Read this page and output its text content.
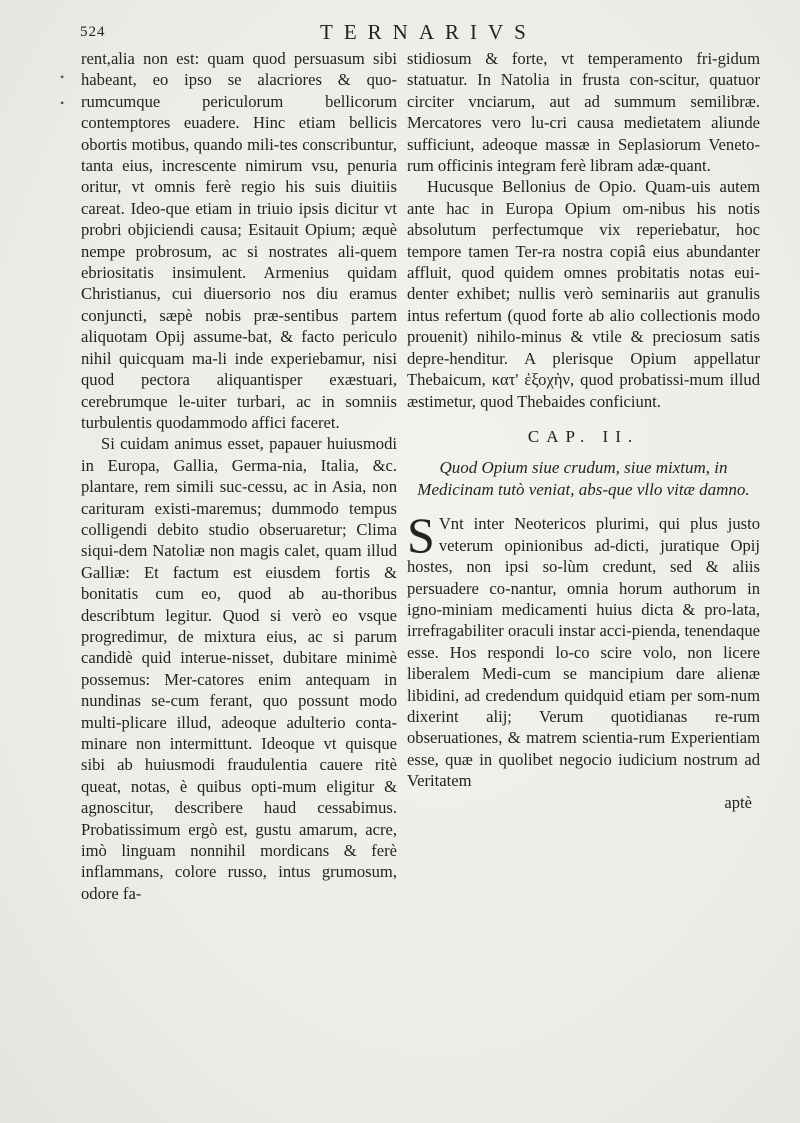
524	TERNARIVS
•
•

rent,alia non est: quam quod persuasum sibi habeant, eo ipso se alacriores & quo-rumcumque periculorum bellicorum contemptores euadere. Hinc etiam bellicis obortis motibus, quando mili-tes conscribuntur, tanta eius, increscente nimirum vsu, penuria oritur, vt omnis ferè regio his suis diuitiis careat. Ideo-que etiam in triuio ipsis dicitur vt probri objiciendi causa; Esitauit Opium; æquè nempe probrosum, ac si nostrates ali-quem ebriositatis insimulent. Armenius quidam Christianus, cui diuersorio nos diu eramus conjuncti, sæpè nobis præ-sentibus partem aliquotam Opij assume-bat, & facto periculo nihil quicquam ma-li inde experiebamur, nisi quod pectora aliquantisper exæstuari, cerebrumque le-uiter turbari, ac in somniis turbulentis quodammodo affici faceret.

Si cuidam animus esset, papauer huiusmodi in Europa, Gallia, Germa-nia, Italia, &c. plantare, rem simili suc-cessu, ac in Asia, non carituram existi-maremus; dummodo tempus colligendi debito studio obseruaretur; Clima siqui-dem Natoliæ non magis calet, quam illud Galliæ: Et factum est eiusdem fortis & bonitatis cum eo, quod ab au-thoribus describtum legitur. Quod si verò eo vsque progredimur, de mixtura eius, ac si parum candidè quid interue-nisset, dubitare minimè possemus: Mer-catores enim antequam in nundinas se-cum ferant, quo possunt modo multi-plicare illud, adeoque adulterio conta-minare non intermittunt. Ideoque vt quisque sibi ab huiusmodi fraudulentia cauere ritè queat, notas, è quibus opti-mum eligitur & agnoscitur, describere haud cessabimus. Probatissimum ergò est, gustu amarum, acre, imò linguam nonnihil mordicans & ferè inflammans, colore russo, intus grumosum, odore fa-

stidiosum & forte, vt temperamento fri-gidum statuatur. In Natolia in frusta con-scitur, quatuor circiter vnciarum, aut ad summum semilibræ. Mercatores vero lu-cri causa medietatem aliunde sufficiunt, adeoque massæ in Seplasiorum Veneto-rum officinis integram ferè libram adæ-quant.

Hucusque Bellonius de Opio. Quam-uis autem ante hac in Europa Opium om-nibus his notis absolutum perfectumque vix reperiebatur, hoc tempore tamen Ter-ra nostra copiâ eius abundanter affluit, quod quidem omnes probitatis notas eui-denter exhibet; nullis verò seminariis aut granulis intus refertum (quod forte ab alio collectionis modo prouenit) nihilo-minus & vtile & preciosum satis depre-henditur. A plerisque Opium appellatur Thebaicum, κατ' ἐξοχὴν, quod probatissi-mum illud æstimetur, quod Thebaides conficiunt.

CAP. II.
Quod Opium siue crudum, siue mixtum, in Medicinam tutò veniat, abs-que vllo vitæ damno.

S Vnt inter Neotericos plurimi, qui plus justo veterum opinionibus ad-dicti, juratique Opij hostes, non ipsi so-lùm credunt, sed & aliis persuadere co-nantur, omnia horum authorum in igno-miniam medicamenti huius dicta & pro-lata, irrefragabiliter oraculi instar acci-pienda, tenendaque esse. Hos respondi lo-co scire volo, non licere liberalem Medi-cum se mancipium dare alienæ libidini, ad credendum quidquid etiam per som-num dixerint alij; Verum quotidianas re-rum obseruationes, & matrem scientia-rum Experientiam esse, quæ in quolibet negocio iudicium nostrum ad Veritatem

aptè
